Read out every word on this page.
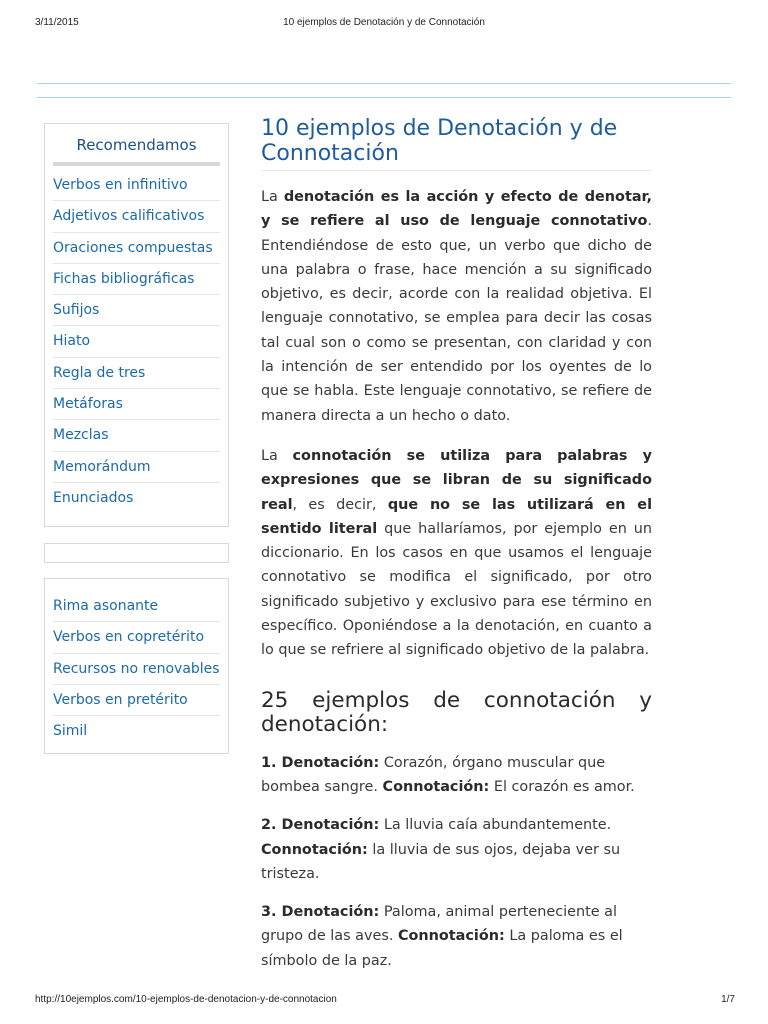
3/11/2015	10 ejemplos de Denotación y de Connotación
Recomendamos
Verbos en infinitivo
Adjetivos calificativos
Oraciones compuestas
Fichas bibliográficas
Sufijos
Hiato
Regla de tres
Metáforas
Mezclas
Memorándum
Enunciados
Rima asonante
Verbos en copretérito
Recursos no renovables
Verbos en pretérito
Simil
10 ejemplos de Denotación y de Connotación

La denotación es la acción y efecto de denotar, y se refiere al uso de lenguaje connotativo. Entendiéndose de esto que, un verbo que dicho de una palabra o frase, hace mención a su significado objetivo, es decir, acorde con la realidad objetiva. El lenguaje connotativo, se emplea para decir las cosas tal cual son o como se presentan, con claridad y con la intención de ser entendido por los oyentes de lo que se habla. Este lenguaje connotativo, se refiere de manera directa a un hecho o dato.

La connotación se utiliza para palabras y expresiones que se libran de su significado real, es decir, que no se las utilizará en el sentido literal que hallaríamos, por ejemplo en un diccionario. En los casos en que usamos el lenguaje connotativo se modifica el significado, por otro significado subjetivo y exclusivo para ese término en específico. Oponiéndose a la denotación, en cuanto a lo que se refriere al significado objetivo de la palabra.

25 ejemplos de connotación y
denotación:

1. Denotación: Corazón, órgano muscular que bombea sangre. Connotación: El corazón es amor.

2. Denotación: La lluvia caía abundantemente. Connotación: la lluvia de sus ojos, dejaba ver su tristeza.

3. Denotación: Paloma, animal perteneciente al grupo de las aves. Connotación: La paloma es el símbolo de la paz.

http://10ejemplos.com/10-ejemplos-de-denotacion-y-de-connotacion	1/7
